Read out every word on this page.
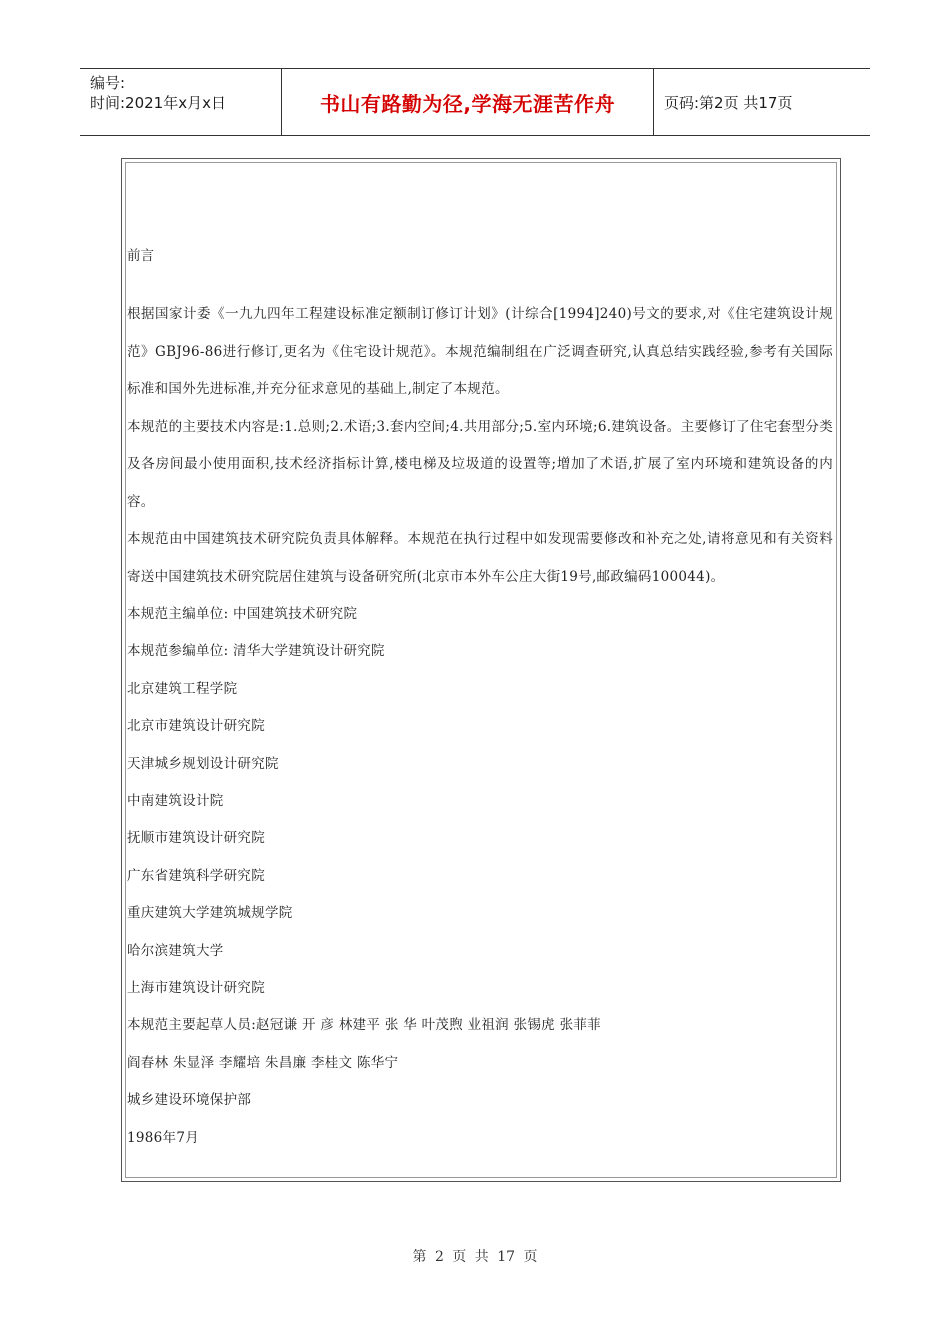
编号:
时间:2021年x月x日	书山有路勤为径,学海无涯苦作舟	页码:第2页 共17页

前言

根据国家计委《一九九四年工程建设标准定额制订修订计划》(计综合[1994]240)号文的要求,对《住宅建筑设计规范》GBJ96-86进行修订,更名为《住宅设计规范》。本规范编制组在广泛调查研究,认真总结实践经验,参考有关国际标准和国外先进标准,并充分征求意见的基础上,制定了本规范。

本规范的主要技术内容是:1.总则;2.术语;3.套内空间;4.共用部分;5.室内环境;6.建筑设备。主要修订了住宅套型分类及各房间最小使用面积,技术经济指标计算,楼电梯及垃圾道的设置等;增加了术语,扩展了室内环境和建筑设备的内容。

本规范由中国建筑技术研究院负责具体解释。本规范在执行过程中如发现需要修改和补充之处,请将意见和有关资料寄送中国建筑技术研究院居住建筑与设备研究所(北京市本外车公庄大街19号,邮政编码100044)。

本规范主编单位: 中国建筑技术研究院

本规范参编单位: 清华大学建筑设计研究院

北京建筑工程学院

北京市建筑设计研究院

天津城乡规划设计研究院

中南建筑设计院

抚顺市建筑设计研究院

广东省建筑科学研究院

重庆建筑大学建筑城规学院

哈尔滨建筑大学

上海市建筑设计研究院

本规范主要起草人员:赵冠谦 开 彦 林建平 张 华 叶茂煦 业祖润 张锡虎 张菲菲

阎春林 朱显泽 李耀培 朱昌廉 李桂文 陈华宁

城乡建设环境保护部

1986年7月

第 2 页 共 17 页
